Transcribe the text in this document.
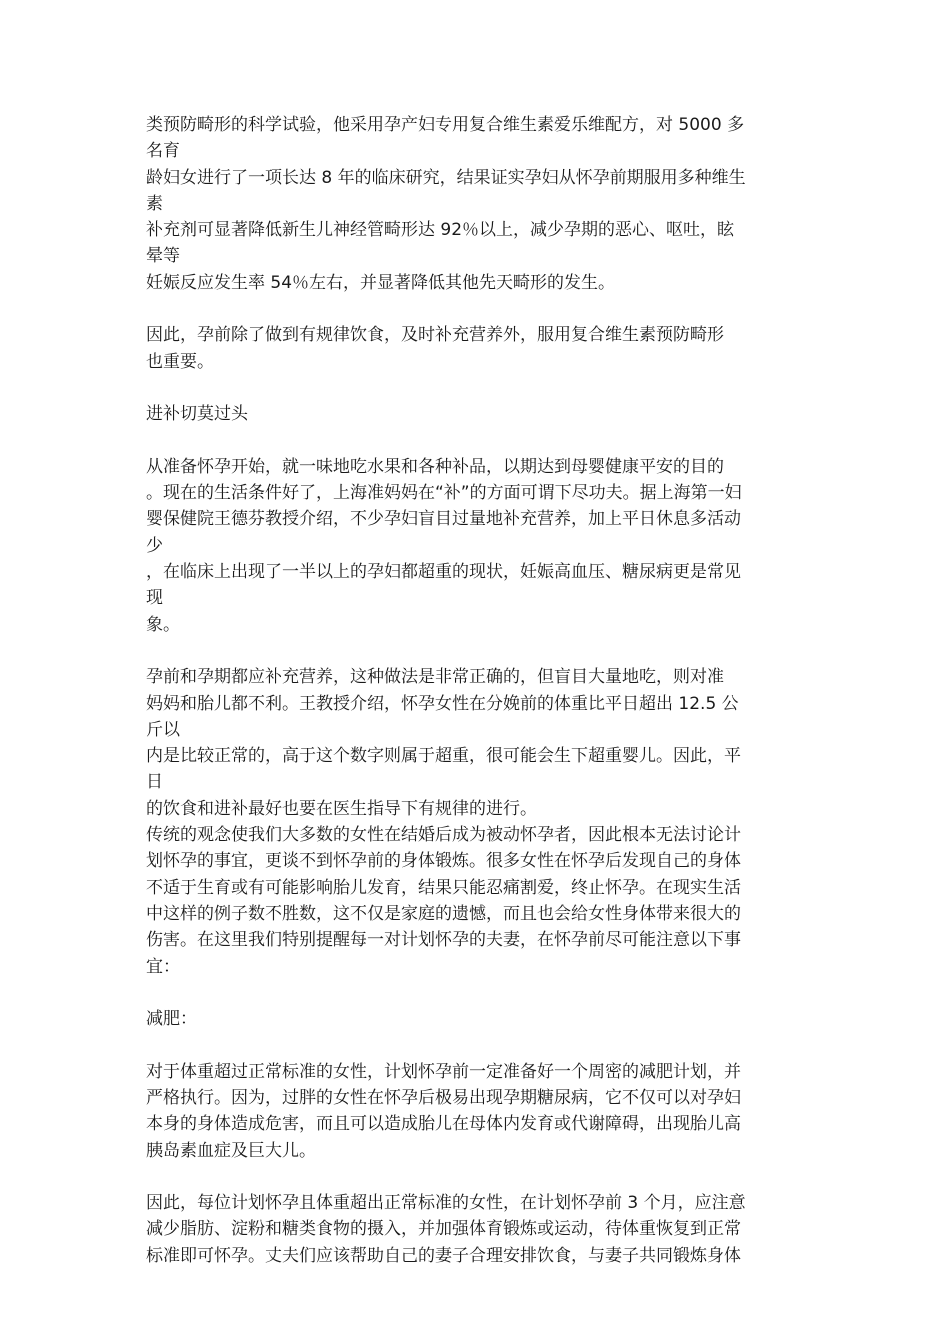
类预防畸形的科学试验，他采用孕产妇专用复合维生素爱乐维配方，对 5000 多
名育
龄妇女进行了一项长达 8 年的临床研究，结果证实孕妇从怀孕前期服用多种维生
素
补充剂可显著降低新生儿神经管畸形达 92％以上，减少孕期的恶心、呕吐，眩
晕等
妊娠反应发生率 54％左右，并显著降低其他先天畸形的发生。

因此，孕前除了做到有规律饮食，及时补充营养外，服用复合维生素预防畸形
也重要。

进补切莫过头

从准备怀孕开始，就一味地吃水果和各种补品，以期达到母婴健康平安的目的
。现在的生活条件好了，上海准妈妈在“补”的方面可谓下尽功夫。据上海第一妇
婴保健院王德芬教授介绍，不少孕妇盲目过量地补充营养，加上平日休息多活动
少
，在临床上出现了一半以上的孕妇都超重的现状，妊娠高血压、糖尿病更是常见
现
象。

孕前和孕期都应补充营养，这种做法是非常正确的，但盲目大量地吃，则对准
妈妈和胎儿都不利。王教授介绍，怀孕女性在分娩前的体重比平日超出 12.5 公
斤以
内是比较正常的，高于这个数字则属于超重，很可能会生下超重婴儿。因此，平
日
的饮食和进补最好也要在医生指导下有规律的进行。

传统的观念使我们大多数的女性在结婚后成为被动怀孕者，因此根本无法讨论计
划怀孕的事宜，更谈不到怀孕前的身体锻炼。很多女性在怀孕后发现自己的身体
不适于生育或有可能影响胎儿发育，结果只能忍痛割爱，终止怀孕。在现实生活
中这样的例子数不胜数，这不仅是家庭的遗憾，而且也会给女性身体带来很大的
伤害。在这里我们特别提醒每一对计划怀孕的夫妻，在怀孕前尽可能注意以下事
宜：

减肥：

对于体重超过正常标准的女性，计划怀孕前一定准备好一个周密的减肥计划，并
严格执行。因为，过胖的女性在怀孕后极易出现孕期糖尿病，它不仅可以对孕妇
本身的身体造成危害，而且可以造成胎儿在母体内发育或代谢障碍，出现胎儿高
胰岛素血症及巨大儿。

因此，每位计划怀孕且体重超出正常标准的女性，在计划怀孕前 3 个月，应注意
减少脂肪、淀粉和糖类食物的摄入，并加强体育锻炼或运动，待体重恢复到正常
标准即可怀孕。丈夫们应该帮助自己的妻子合理安排饮食，与妻子共同锻炼身体
